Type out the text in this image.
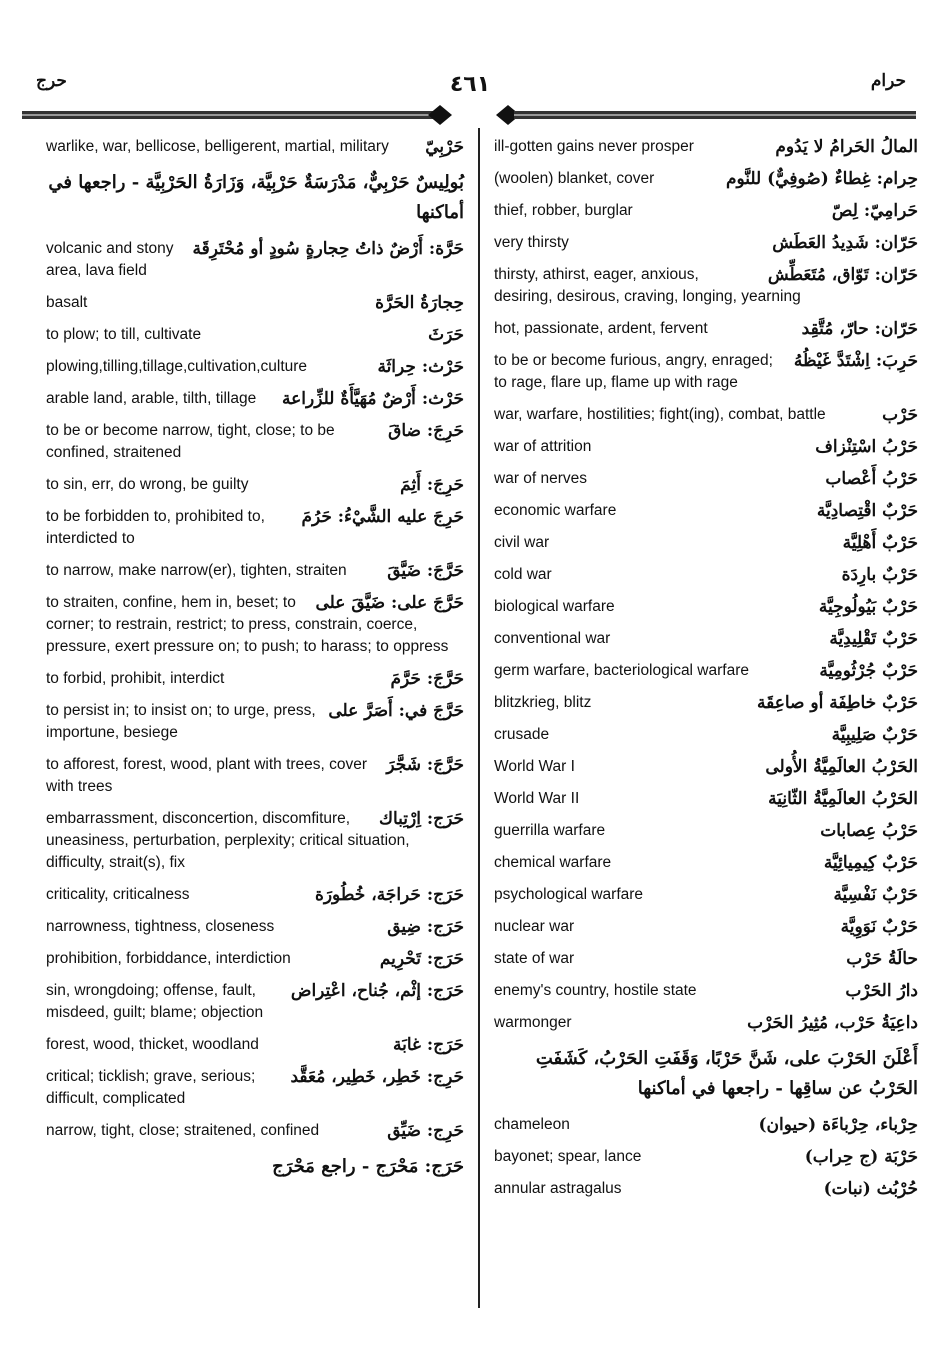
حرج	٤٦١	حرام
حَرْبِيّ
warlike, war, bellicose, belligerent, martial, military
بُولِيسٌ حَرْبِيٌّ، مَدْرَسَةٌ حَرْبِيَّة، وَزَارَةُ الحَرْبِيَّة - راجعها في أماكنها
حَرَّة: أَرْضٌ ذاتُ حِجارةٍ سُودٍ أو مُحْتَرِقَة
volcanic and stony area, lava field
حِجارَةُ الحَرَّة
basalt
حَرَثَ
to plow; to till, cultivate
حَرْث: حِراثَة
plowing,tilling,tillage,cultivation,culture
حَرْث: أَرْضٌ مُهَيَّأَةٌ للزِّراعة
arable land, arable, tilth, tillage
حَرِجَ: ضاقَ
to be or become narrow, tight, close; to be confined, straitened
حَرِجَ: أَثِمَ
to sin, err, do wrong, be guilty
حَرِجَ عليه الشَّيْءُ: حَرُمَ
to be forbidden to, prohibited to, interdicted to
حَرَّجَ: ضَيَّقَ
to narrow, make narrow(er), tighten, straiten
حَرَّجَ على: ضَيَّقَ على
to straiten, confine, hem in, beset; to corner; to restrain, restrict; to press, constrain, coerce, pressure, exert pressure on; to push; to harass; to oppress
حَرَّجَ: حَرَّمَ
to forbid, prohibit, interdict
حَرَّجَ في: أَصَرَّ على
to persist in; to insist on; to urge, press, importune, besiege
حَرَّجَ: شَجَّرَ
to afforest, forest, wood, plant with trees, cover with trees
حَرَج: اِرْتِباك
embarrassment, disconcertion, discomfiture, uneasiness, perturbation, perplexity; critical situation, difficulty, strait(s), fix
حَرَج: حَراجَة، خُطُورَة
criticality, criticalness
حَرَج: ضِيق
narrowness, tightness, closeness
حَرَج: تَحْرِيم
prohibition, forbiddance, interdiction
حَرَج: إثْم، جُناح، اعْتِراض
sin, wrongdoing; offense, fault, misdeed, guilt; blame; objection
حَرَج: غابَة
forest, wood, thicket, woodland
حَرِج: خَطِر، خَطِير، مُعَقَّد
critical; ticklish; grave, serious; difficult, complicated
حَرِج: ضَيِّق
narrow, tight, close; straitened, confined
حَرَج: مَحْرَج - راجع مَحْرَج
المالُ الحَرامُ لا يَدُوم
ill-gotten gains never prosper
حِرام: غِطاءٌ (صُوفِيٌّ) للنَّوم
(woolen) blanket, cover
حَرامِيّ: لِصّ
thief, robber, burglar
حَرّان: شَدِيدُ العَطَش
very thirsty
حَرّان: تَوّاق، مُتَعَطِّش
thirsty, athirst, eager, anxious, desiring, desirous, craving, longing, yearning
حَرّان: حارّ، مُتَّقِد
hot, passionate, ardent, fervent
حَرِبَ: اِشْتَدَّ غَيْظُهُ
to be or become furious, angry, enraged; to rage, flare up, flame up with rage
حَرْب
war, warfare, hostilities; fight(ing), combat, battle
حَرْبُ اسْتِنْزاف
war of attrition
حَرْبُ أَعْصاب
war of nerves
حَرْبٌ اقْتِصادِيَّة
economic warfare
حَرْبٌ أَهْلِيَّة
civil war
حَرْبٌ بارِدَة
cold war
حَرْبٌ بَيُولُوجِيَّة
biological warfare
حَرْبٌ تَقْلِيدِيَّة
conventional war
حَرْبٌ جُرْثُومِيَّة
germ warfare, bacteriological warfare
حَرْبٌ خاطِفَة أو صاعِقَة
blitzkrieg, blitz
حَرْبٌ صَلِيبِيَّة
crusade
الحَرْبُ العالَمِيَّةُ الأُولى
World War I
الحَرْبُ العالَمِيَّةُ الثّانِيَة
World War II
حَرْبُ عِصابات
guerrilla warfare
حَرْبٌ كِيمِيائِيَّة
chemical warfare
حَرْبٌ نَفْسِيَّة
psychological warfare
حَرْبٌ نَوَوِيَّة
nuclear war
حالَةُ حَرْب
state of war
دارُ الحَرْب
enemy's country, hostile state
داعِيَةُ حَرْب، مُثِيرُ الحَرْب
warmonger
أَعْلَنَ الحَرْبَ على، شَنَّ حَرْبًا، وَقَفَتِ الحَرْبُ، كَشَفَتِ الحَرْبُ عن ساقِها - راجعها في أماكنها
حِرْباء، حِرْباءَة (حيوان)
chameleon
حَرْبَة (ج حِراب)
bayonet; spear, lance
حُرْبُث (نبات)
annular astragalus
